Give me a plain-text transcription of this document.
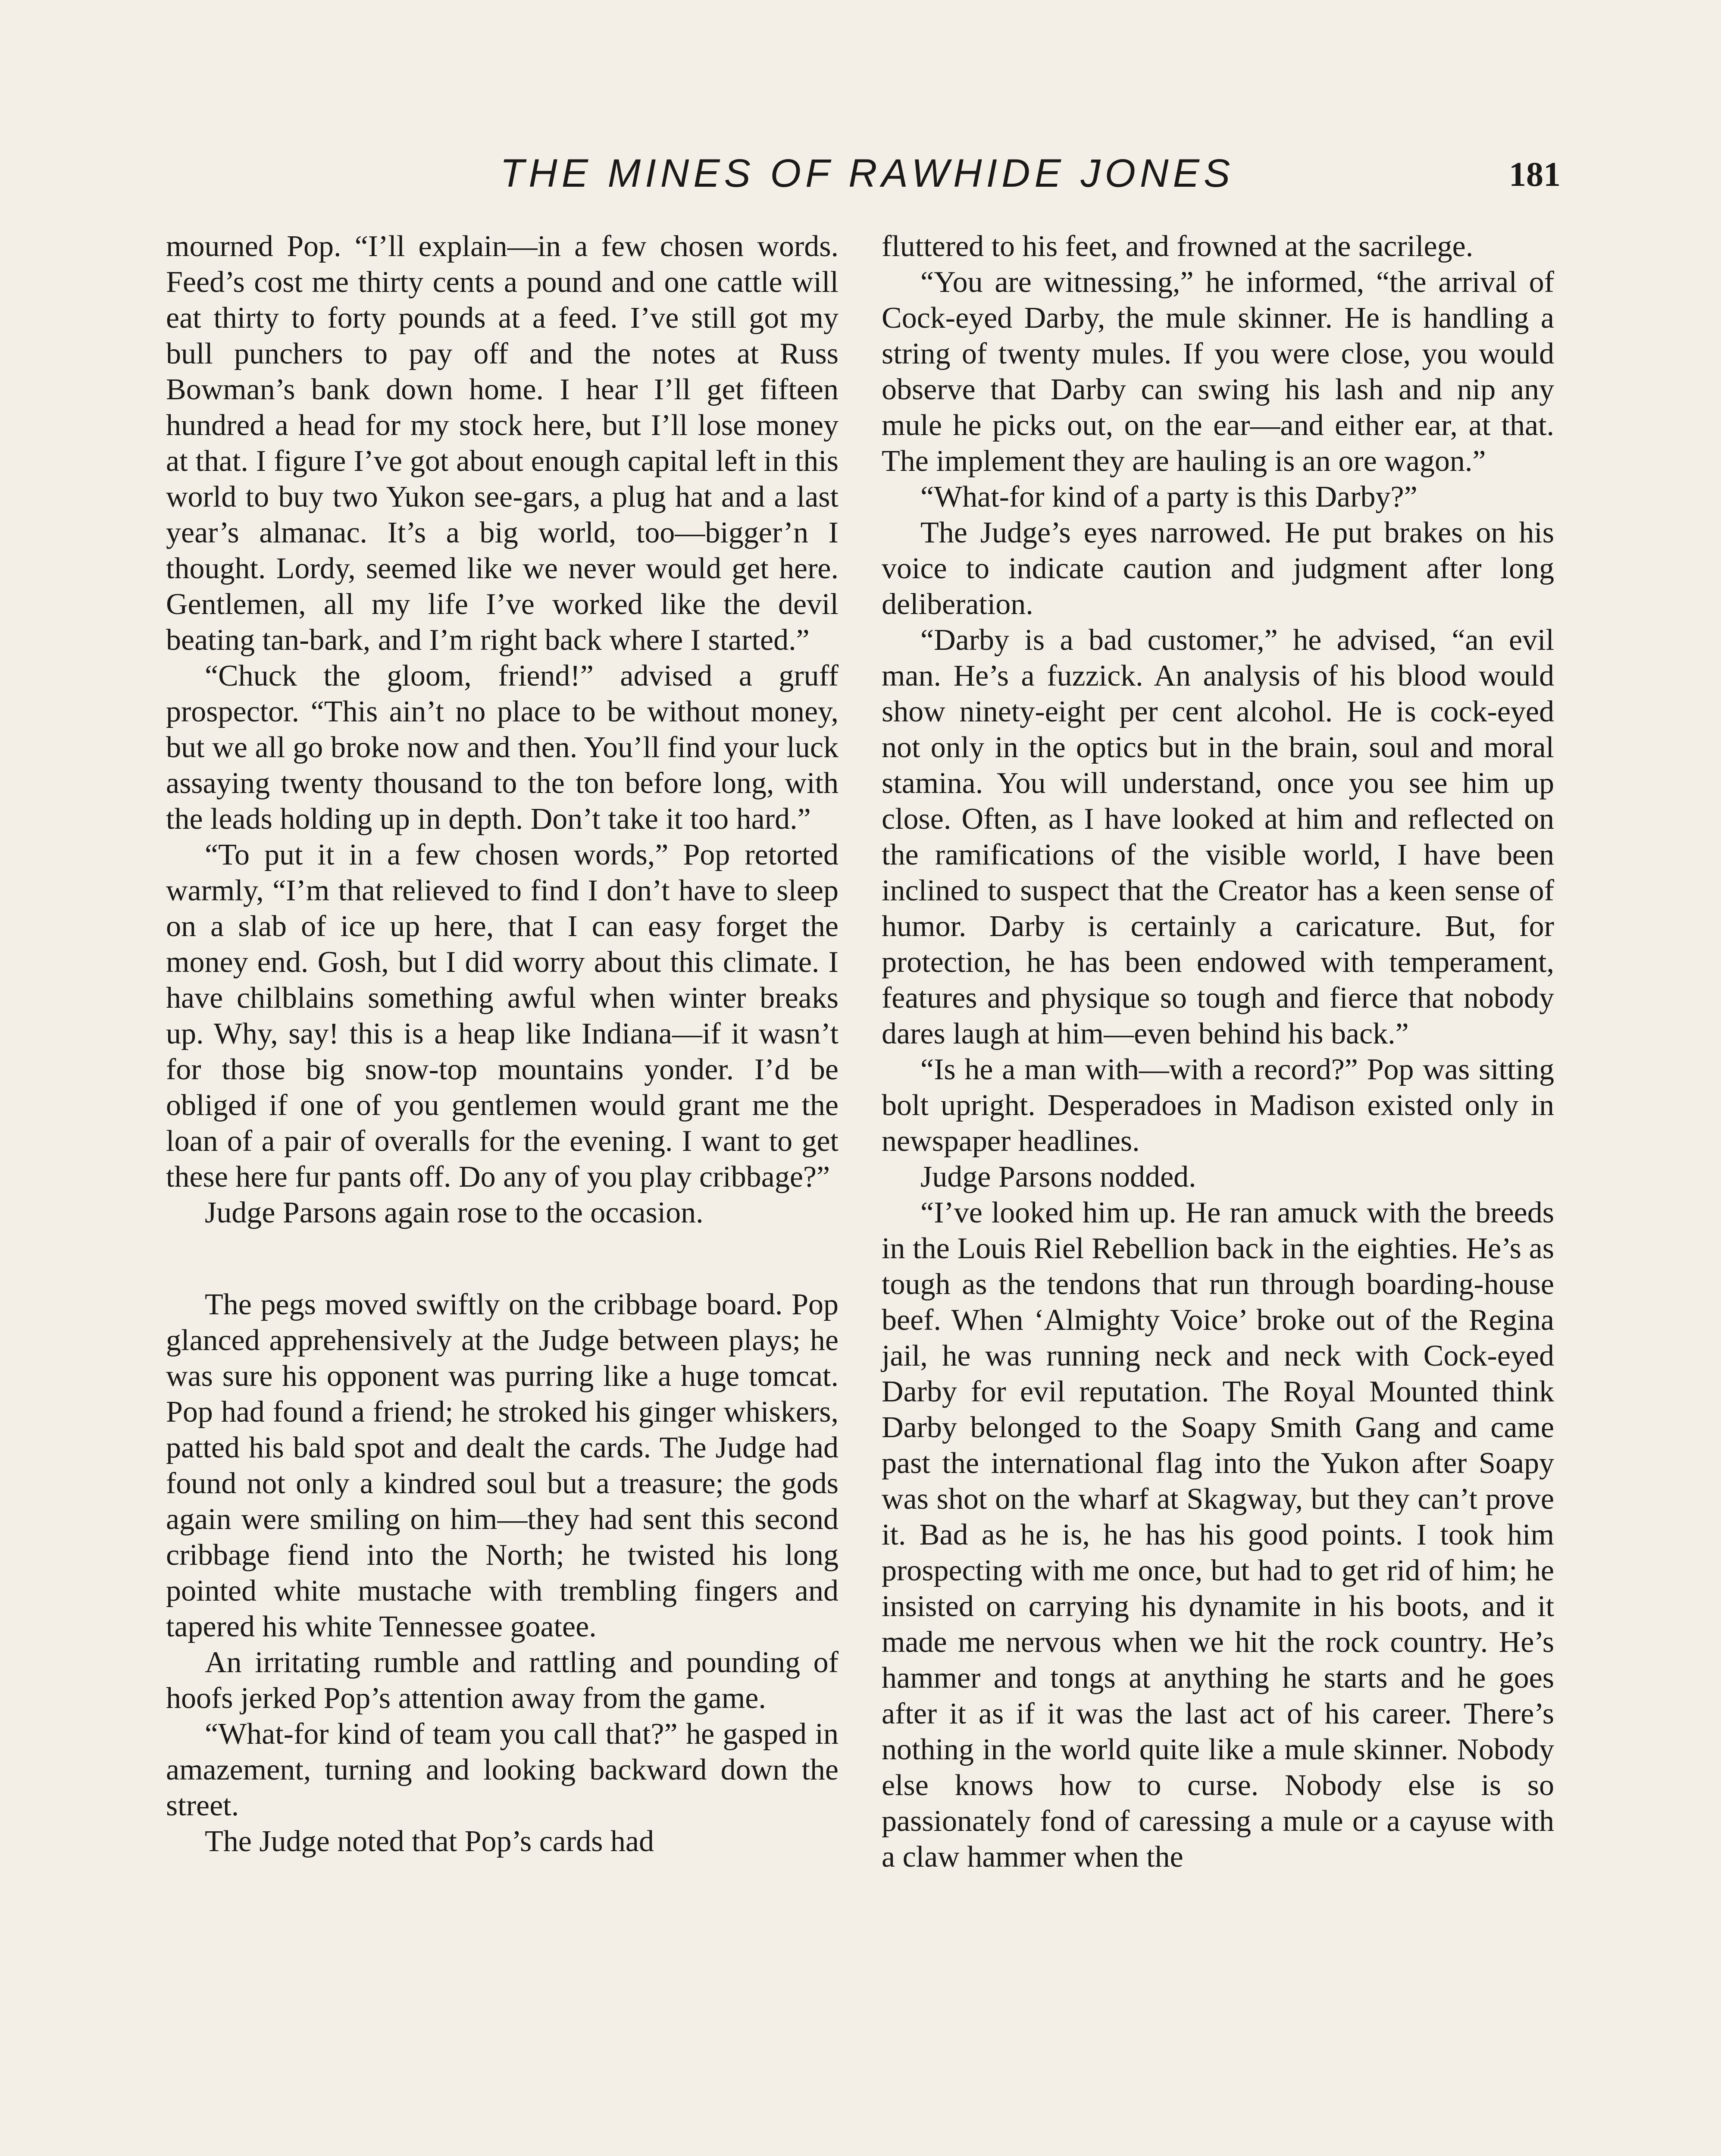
THE MINES OF RAWHIDE JONES	181

mourned Pop. “I’ll explain—in a few chosen words. Feed’s cost me thirty cents a pound and one cattle will eat thirty to forty pounds at a feed. I’ve still got my bull punchers to pay off and the notes at Russ Bowman’s bank down home. I hear I’ll get fifteen hundred a head for my stock here, but I’ll lose money at that. I figure I’ve got about enough capital left in this world to buy two Yukon see-gars, a plug hat and a last year’s almanac. It’s a big world, too—bigger’n I thought. Lordy, seemed like we never would get here. Gentlemen, all my life I’ve worked like the devil beating tan-bark, and I’m right back where I started.”

“Chuck the gloom, friend!” advised a gruff prospector. “This ain’t no place to be without money, but we all go broke now and then. You’ll find your luck assaying twenty thousand to the ton before long, with the leads holding up in depth. Don’t take it too hard.”

“To put it in a few chosen words,” Pop retorted warmly, “I’m that relieved to find I don’t have to sleep on a slab of ice up here, that I can easy forget the money end. Gosh, but I did worry about this climate. I have chilblains something awful when winter breaks up. Why, say! this is a heap like Indiana—if it wasn’t for those big snow-top mountains yonder. I’d be obliged if one of you gentlemen would grant me the loan of a pair of overalls for the evening. I want to get these here fur pants off. Do any of you play cribbage?”

Judge Parsons again rose to the occasion.

The pegs moved swiftly on the cribbage board. Pop glanced apprehensively at the Judge between plays; he was sure his opponent was purring like a huge tomcat. Pop had found a friend; he stroked his ginger whiskers, patted his bald spot and dealt the cards. The Judge had found not only a kindred soul but a treasure; the gods again were smiling on him—they had sent this second cribbage fiend into the North; he twisted his long pointed white mustache with trembling fingers and tapered his white Tennessee goatee.

An irritating rumble and rattling and pounding of hoofs jerked Pop’s attention away from the game.

“What-for kind of team you call that?” he gasped in amazement, turning and looking backward down the street.

The Judge noted that Pop’s cards had

fluttered to his feet, and frowned at the sacrilege.

“You are witnessing,” he informed, “the arrival of Cock-eyed Darby, the mule skinner. He is handling a string of twenty mules. If you were close, you would observe that Darby can swing his lash and nip any mule he picks out, on the ear—and either ear, at that. The implement they are hauling is an ore wagon.”

“What-for kind of a party is this Darby?”

The Judge’s eyes narrowed. He put brakes on his voice to indicate caution and judgment after long deliberation.

“Darby is a bad customer,” he advised, “an evil man. He’s a fuzzick. An analysis of his blood would show ninety-eight per cent alcohol. He is cock-eyed not only in the optics but in the brain, soul and moral stamina. You will understand, once you see him up close. Often, as I have looked at him and reflected on the ramifications of the visible world, I have been inclined to suspect that the Creator has a keen sense of humor. Darby is certainly a caricature. But, for protection, he has been endowed with temperament, features and physique so tough and fierce that nobody dares laugh at him—even behind his back.”

“Is he a man with—with a record?” Pop was sitting bolt upright. Desperadoes in Madison existed only in newspaper headlines.

Judge Parsons nodded.

“I’ve looked him up. He ran amuck with the breeds in the Louis Riel Rebellion back in the eighties. He’s as tough as the tendons that run through boarding-house beef. When ‘Almighty Voice’ broke out of the Regina jail, he was running neck and neck with Cock-eyed Darby for evil reputation. The Royal Mounted think Darby belonged to the Soapy Smith Gang and came past the international flag into the Yukon after Soapy was shot on the wharf at Skagway, but they can’t prove it. Bad as he is, he has his good points. I took him prospecting with me once, but had to get rid of him; he insisted on carrying his dynamite in his boots, and it made me nervous when we hit the rock country. He’s hammer and tongs at anything he starts and he goes after it as if it was the last act of his career. There’s nothing in the world quite like a mule skinner. Nobody else knows how to curse. Nobody else is so passionately fond of caressing a mule or a cayuse with a claw hammer when the
